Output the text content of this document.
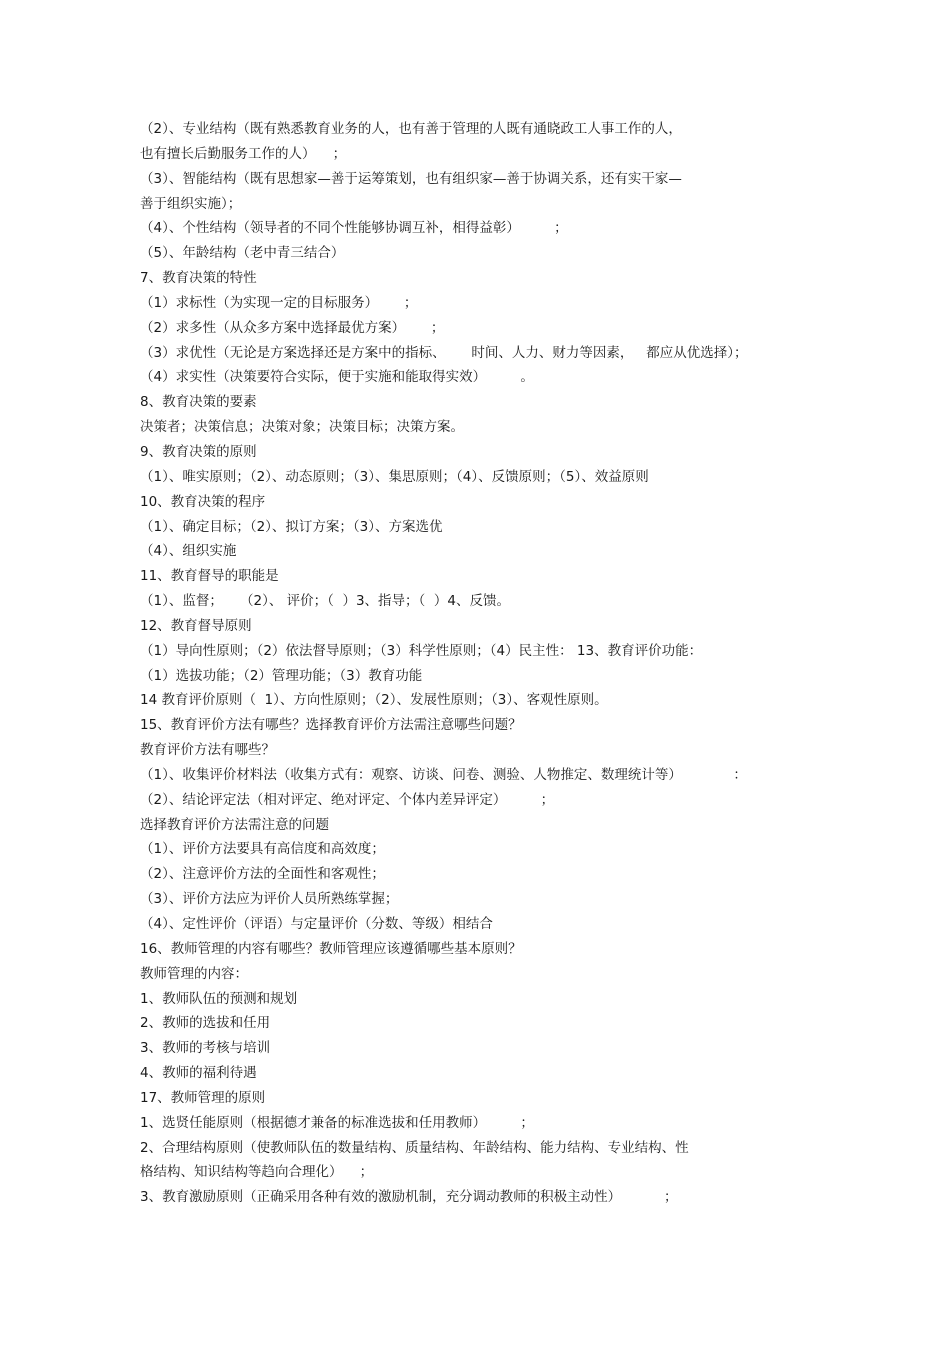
（2）、专业结构（既有熟悉教育业务的人，也有善于管理的人既有通晓政工人事工作的人，
也有擅长后勤服务工作的人）    ；
（3）、智能结构（既有思想家—善于运筹策划，也有组织家—善于协调关系，还有实干家—
善于组织实施）；
（4）、个性结构（领导者的不同个性能够协调互补，相得益彰）        ；
（5）、年龄结构（老中青三结合）
7、教育决策的特性
（1）求标性（为实现一定的目标服务）      ；
（2）求多性（从众多方案中选择最优方案）      ；
（3）求优性（无论是方案选择还是方案中的指标、      时间、人力、财力等因素，   都应从优选择）；
（4）求实性（决策要符合实际，便于实施和能取得实效）        。
8、教育决策的要素
决策者；决策信息；决策对象；决策目标；决策方案。
9、教育决策的原则
（1）、唯实原则；（2）、动态原则；（3）、集思原则；（4）、反馈原则；（5）、效益原则
10、教育决策的程序
（1）、确定目标；（2）、拟订方案；（3）、方案选优
（4）、组织实施
11、教育督导的职能是
（1）、监督；    （2）、 评价；（  ）3、指导；（  ）4、反馈。
12、教育督导原则
（1）导向性原则；（2）依法督导原则；（3）科学性原则；（4）民主性： 13、教育评价功能：
（1）选拔功能；（2）管理功能；（3）教育功能
14 教育评价原则（  1）、方向性原则；（2）、发展性原则；（3）、客观性原则。
15、教育评价方法有哪些？选择教育评价方法需注意哪些问题？
教育评价方法有哪些？
（1）、收集评价材料法（收集方式有：观察、访谈、问卷、测验、人物推定、数理统计等）            ：
（2）、结论评定法（相对评定、绝对评定、个体内差异评定）        ；
选择教育评价方法需注意的问题
（1）、评价方法要具有高信度和高效度；
（2）、注意评价方法的全面性和客观性；
（3）、评价方法应为评价人员所熟练掌握；
（4）、定性评价（评语）与定量评价（分数、等级）相结合
16、教师管理的内容有哪些？教师管理应该遵循哪些基本原则？
教师管理的内容：
1、教师队伍的预测和规划
2、教师的选拔和任用
3、教师的考核与培训
4、教师的福利待遇
17、教师管理的原则
1、选贤任能原则（根据德才兼备的标准选拔和任用教师）        ；
2、合理结构原则（使教师队伍的数量结构、质量结构、年龄结构、能力结构、专业结构、性
格结构、知识结构等趋向合理化）    ；
3、教育激励原则（正确采用各种有效的激励机制，充分调动教师的积极主动性）          ；
